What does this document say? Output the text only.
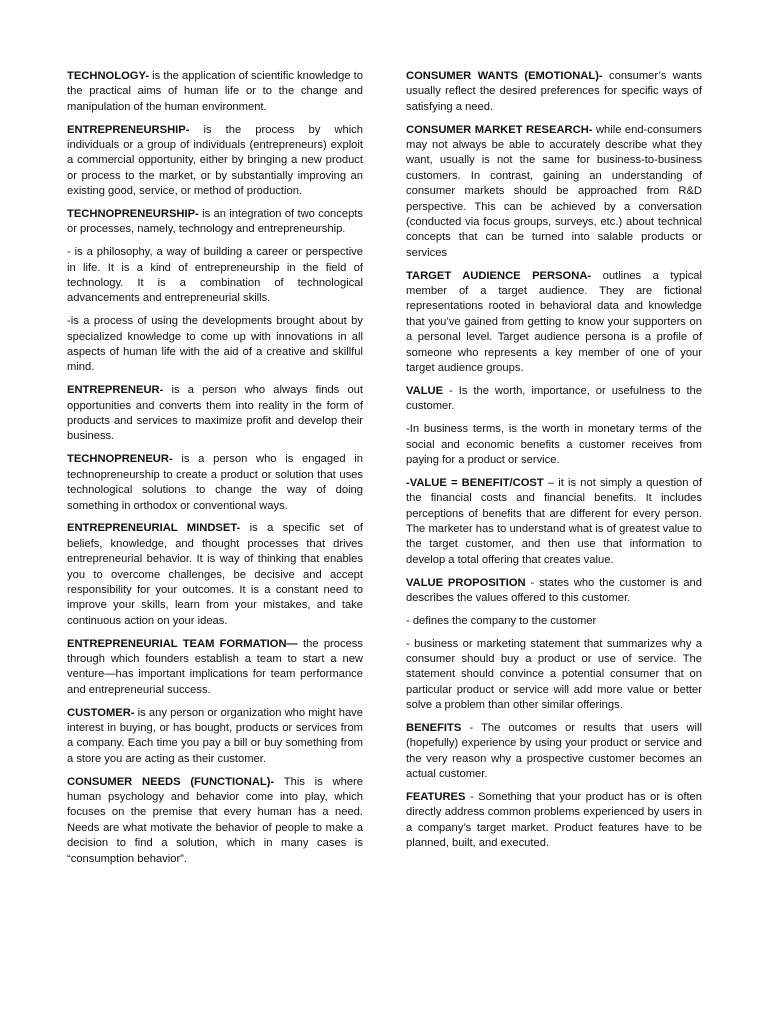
TECHNOLOGY- is the application of scientific knowledge to the practical aims of human life or to the change and manipulation of the human environment.

ENTREPRENEURSHIP- is the process by which individuals or a group of individuals (entrepreneurs) exploit a commercial opportunity, either by bringing a new product or process to the market, or by substantially improving an existing good, service, or method of production.

TECHNOPRENEURSHIP- is an integration of two concepts or processes, namely, technology and entrepreneurship.

- is a philosophy, a way of building a career or perspective in life. It is a kind of entrepreneurship in the field of technology. It is a combination of technological advancements and entrepreneurial skills.

-is a process of using the developments brought about by specialized knowledge to come up with innovations in all aspects of human life with the aid of a creative and skillful mind.

ENTREPRENEUR- is a person who always finds out opportunities and converts them into reality in the form of products and services to maximize profit and develop their business.

TECHNOPRENEUR- is a person who is engaged in technopreneurship to create a product or solution that uses technological solutions to change the way of doing something in orthodox or conventional ways.

ENTREPRENEURIAL MINDSET- is a specific set of beliefs, knowledge, and thought processes that drives entrepreneurial behavior. It is way of thinking that enables you to overcome challenges, be decisive and accept responsibility for your outcomes. It is a constant need to improve your skills, learn from your mistakes, and take continuous action on your ideas.

ENTREPRENEURIAL TEAM FORMATION— the process through which founders establish a team to start a new venture—has important implications for team performance and entrepreneurial success.

CUSTOMER- is any person or organization who might have interest in buying, or has bought, products or services from a company. Each time you pay a bill or buy something from a store you are acting as their customer.

CONSUMER NEEDS (FUNCTIONAL)- This is where human psychology and behavior come into play, which focuses on the premise that every human has a need. Needs are what motivate the behavior of people to make a decision to find a solution, which in many cases is “consumption behavior”.

CONSUMER WANTS (EMOTIONAL)- consumer’s wants usually reflect the desired preferences for specific ways of satisfying a need.

CONSUMER MARKET RESEARCH- while end-consumers may not always be able to accurately describe what they want, usually is not the same for business-to-business customers. In contrast, gaining an understanding of consumer markets should be approached from R&D perspective. This can be achieved by a conversation (conducted via focus groups, surveys, etc.) about technical concepts that can be turned into salable products or services

TARGET AUDIENCE PERSONA- outlines a typical member of a target audience. They are fictional representations rooted in behavioral data and knowledge that you’ve gained from getting to know your supporters on a personal level. Target audience persona is a profile of someone who represents a key member of one of your target audience groups.

VALUE - Is the worth, importance, or usefulness to the customer.

-In business terms, is the worth in monetary terms of the social and economic benefits a customer receives from paying for a product or service.

-VALUE = BENEFIT/COST – it is not simply a question of the financial costs and financial benefits. It includes perceptions of benefits that are different for every person. The marketer has to understand what is of greatest value to the target customer, and then use that information to develop a total offering that creates value.

VALUE PROPOSITION - states who the customer is and describes the values offered to this customer.

- defines the company to the customer

- business or marketing statement that summarizes why a consumer should buy a product or use of service. The statement should convince a potential consumer that on particular product or service will add more value or better solve a problem than other similar offerings.

BENEFITS - The outcomes or results that users will (hopefully) experience by using your product or service and the very reason why a prospective customer becomes an actual customer.

FEATURES - Something that your product has or is often directly address common problems experienced by users in a company’s target market. Product features have to be planned, built, and executed.
